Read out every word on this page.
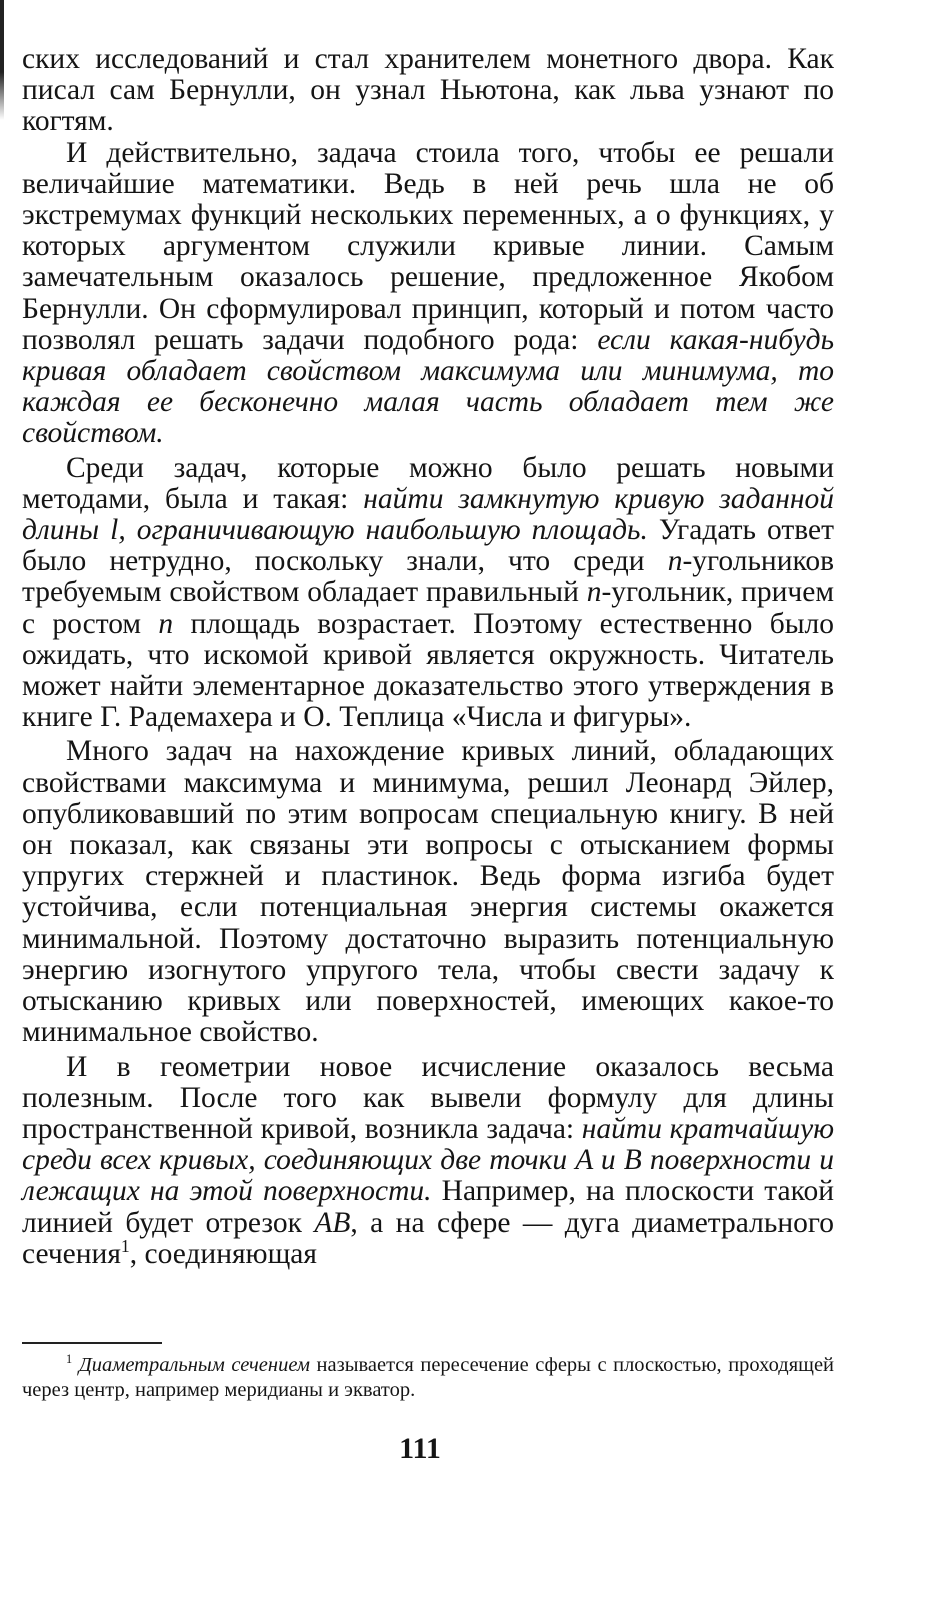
ских исследований и стал хранителем монетного двора. Как писал сам Бернулли, он узнал Ньютона, как льва узнают по когтям.

И действительно, задача стоила того, чтобы ее решали величайшие математики. Ведь в ней речь шла не об экстремумах функций нескольких переменных, а о функциях, у которых аргументом служили кривые линии. Самым замечательным оказалось решение, предложенное Якобом Бернулли. Он сформулировал принцип, который и потом часто позволял решать задачи подобного рода: если какая-нибудь кривая обладает свойством максимума или минимума, то каждая ее бесконечно малая часть обладает тем же свойством.

Среди задач, которые можно было решать новыми методами, была и такая: найти замкнутую кривую заданной длины l, ограничивающую наибольшую площадь. Угадать ответ было нетрудно, поскольку знали, что среди n-угольников требуемым свойством обладает правильный n-угольник, причем с ростом n площадь возрастает. Поэтому естественно было ожидать, что искомой кривой является окружность. Читатель может найти элементарное доказательство этого утверждения в книге Г. Радемахера и О. Теплица «Числа и фигуры».

Много задач на нахождение кривых линий, обладающих свойствами максимума и минимума, решил Леонард Эйлер, опубликовавший по этим вопросам специальную книгу. В ней он показал, как связаны эти вопросы с отысканием формы упругих стержней и пластинок. Ведь форма изгиба будет устойчива, если потенциальная энергия системы окажется минимальной. Поэтому достаточно выразить потенциальную энергию изогнутого упругого тела, чтобы свести задачу к отысканию кривых или поверхностей, имеющих какое-то минимальное свойство.

И в геометрии новое исчисление оказалось весьма полезным. После того как вывели формулу для длины пространственной кривой, возникла задача: найти кратчайшую среди всех кривых, соединяющих две точки A и B поверхности и лежащих на этой поверхности. Например, на плоскости такой линией будет отрезок AB, а на сфере — дуга диаметрального сечения$^1$, соединяющая

$^1$ Диаметральным сечением называется пересечение сферы с плоскостью, проходящей через центр, например меридианы и экватор.
111
